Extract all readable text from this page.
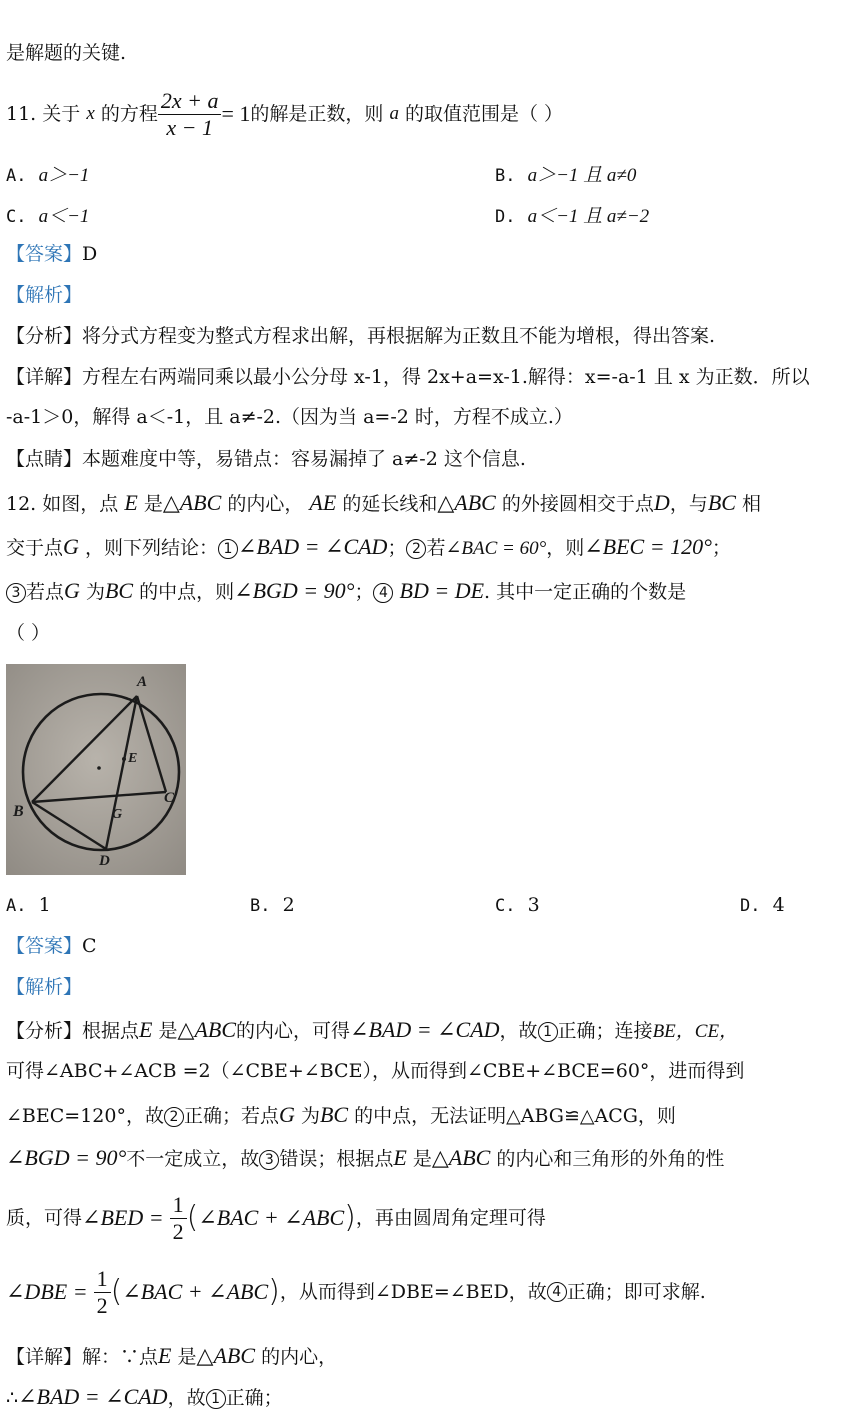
是解题的关键.
11.
关于
x
的方程 $\frac{2x + a}{x - 1} = 1$ 的解是正数，则
a
的取值范围是（ ）
A. a＞−1	B. a＞−1 且 a≠0
C. a＜−1	D. a＜−1 且 a≠−2
【答案】D
【解析】
【分析】将分式方程变为整式方程求出解，再根据解为正数且不能为增根，得出答案.
【详解】方程左右两端同乘以最小公分母 x-1，得 2x+a=x-1.解得：x=-a-1 且 x 为正数．所以
-a-1＞0，解得 a＜-1，且 a≠-2.（因为当 a=-2 时，方程不成立.）
【点睛】本题难度中等，易错点：容易漏掉了 a≠-2 这个信息.
12. 如图，点 E 是△ABC 的内心， AE 的延长线和△ABC 的外接圆相交于点D，与BC 相
交于点G ，则下列结论： 1 ∠BAD = ∠CAD； 2 若∠BAC = 60°，则∠BEC = 120°；
3 若点G 为BC 的中点，则∠BGD = 90°； 4 BD = DE. 其中一定正确的个数是
（ ）
A
E
B
C
G
D
A. 1	B. 2	C. 3	D. 4
【答案】C
【解析】
【分析】根据点E 是△ABC的内心，可得∠BAD = ∠CAD，故 1 正确；连接BE，CE，
可得∠ABC+∠ACB =2（∠CBE+∠BCE），从而得到∠CBE+∠BCE=60°，进而得到
∠BEC=120°，故 2 正确；若点G 为BC 的中点，无法证明△ABG≌△ACG，则
∠BGD = 90°不一定成立，故 3 错误；根据点E 是△ABC 的内心和三角形的外角的性
质，可得 ∠BED =
$\frac{1}{2}$ ( ∠BAC + ∠ABC ) ，再由圆周角定理可得
∠DBE =
$\frac{1}{2}$ ( ∠BAC + ∠ABC ) ，从而得到∠DBE=∠BED，故 4 正确；即可求解.
【详解】解：∵点E 是△ABC 的内心，
∴∠BAD = ∠CAD，故 1 正确；
